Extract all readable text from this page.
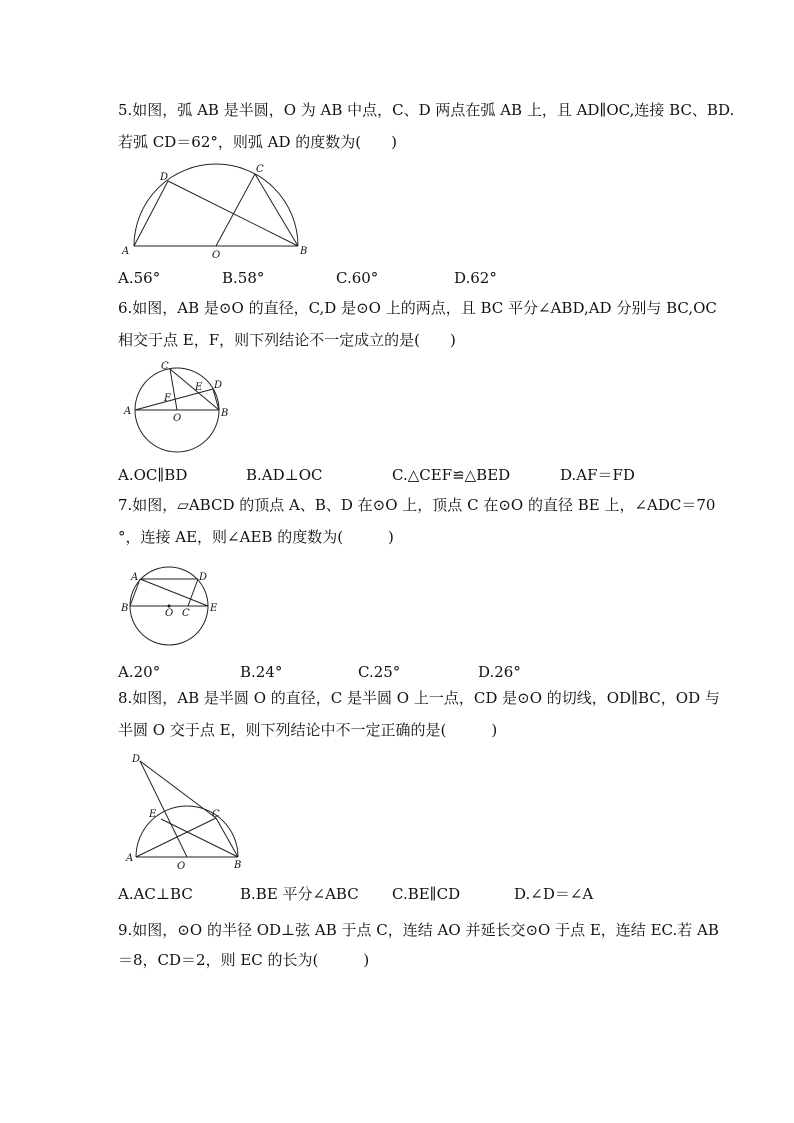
5.如图，弧 AB 是半圆，O 为 AB 中点，C、D 两点在弧 AB 上，且 AD∥OC,连接 BC、BD.
若弧 CD＝62°，则弧 AD 的度数为(　　)
A	B
C
D
O
A.56°	B.58°	C.60°	D.62°
6.如图，AB 是⊙O 的直径，C,D 是⊙O 上的两点，且 BC 平分∠ABD,AD 分别与 BC,OC
相交于点 E，F，则下列结论不一定成立的是(　　)
A	B
C
D
E
F
O
A.OC∥BD	B.AD⊥OC	C.△CEF≌△BED	D.AF＝FD
7.如图，▱ABCD 的顶点 A、B、D 在⊙O 上，顶点 C 在⊙O 的直径 BE 上，∠ADC＝70
°，连接 AE，则∠AEB 的度数为(　　　)
A
B	C
D
E
O
A.20°	B.24°	C.25°	D.26°
8.如图，AB 是半圆 O 的直径，C 是半圆 O 上一点，CD 是⊙O 的切线，OD∥BC，OD 与
半圆 O 交于点 E，则下列结论中不一定正确的是(　　　)
A
B
C
D
E
O
A.AC⊥BC	B.BE 平分∠ABC C.BE∥CD	D.∠D＝∠A
9.如图，⊙O 的半径 OD⊥弦 AB 于点 C，连结 AO 并延长交⊙O 于点 E，连结 EC.若 AB
＝8，CD＝2，则 EC 的长为(　　　)
